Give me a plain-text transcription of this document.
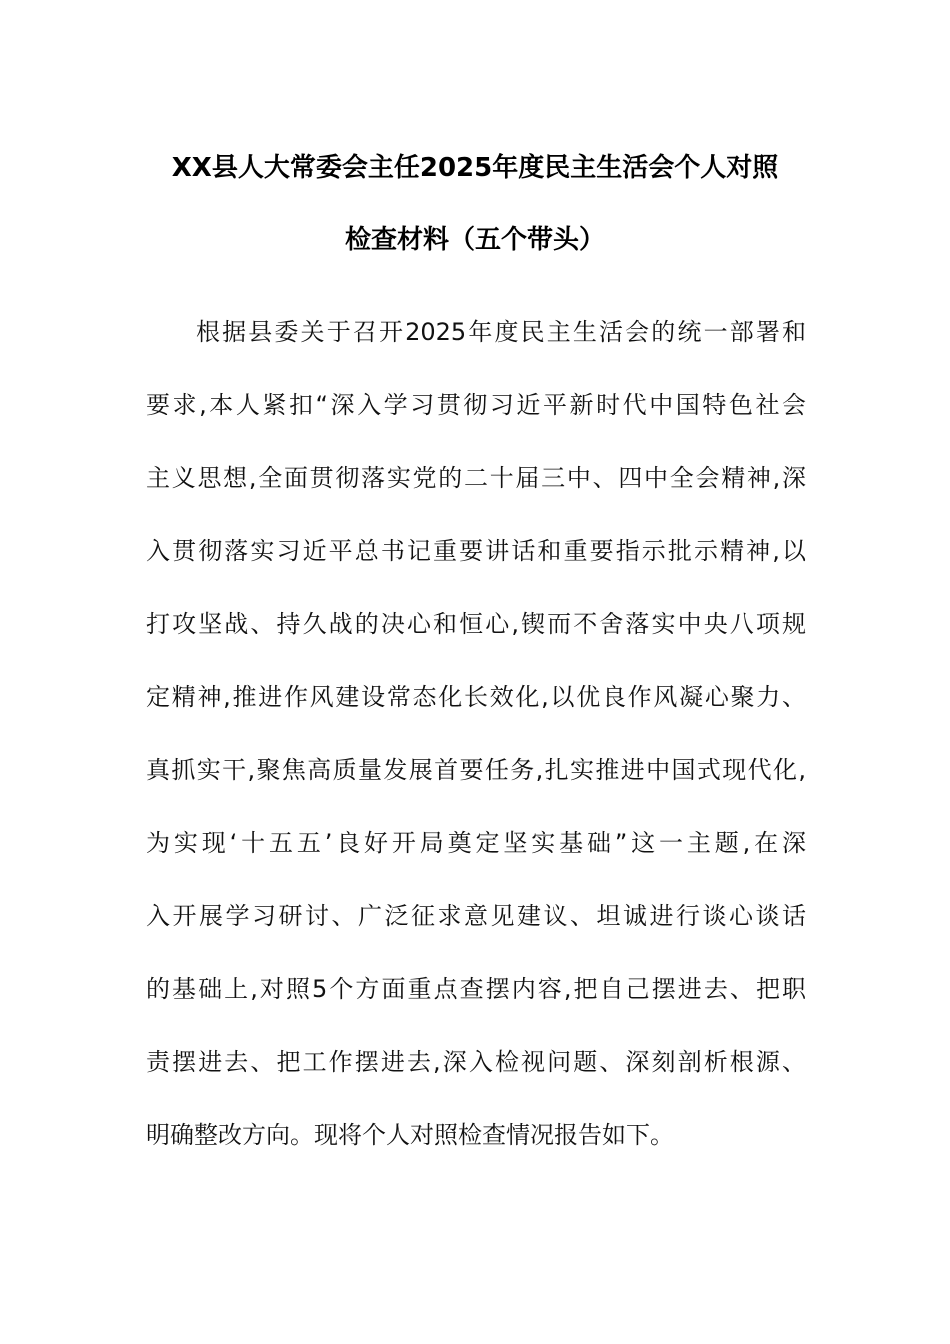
XX县人大常委会主任2025年度民主生活会个人对照
检查材料（五个带头）
根据县委关于召开2025年度民主生活会的统一部署和
要求,本人紧扣“深入学习贯彻习近平新时代中国特色社会
主义思想,全面贯彻落实党的二十届三中、四中全会精神,深
入贯彻落实习近平总书记重要讲话和重要指示批示精神,以
打攻坚战、持久战的决心和恒心,锲而不舍落实中央八项规
定精神,推进作风建设常态化长效化,以优良作风凝心聚力、
真抓实干,聚焦高质量发展首要任务,扎实推进中国式现代化,
为实现‘十五五’良好开局奠定坚实基础”这一主题,在深
入开展学习研讨、广泛征求意见建议、坦诚进行谈心谈话
的基础上,对照5个方面重点查摆内容,把自己摆进去、把职
责摆进去、把工作摆进去,深入检视问题、深刻剖析根源、
明确整改方向。现将个人对照检查情况报告如下。
